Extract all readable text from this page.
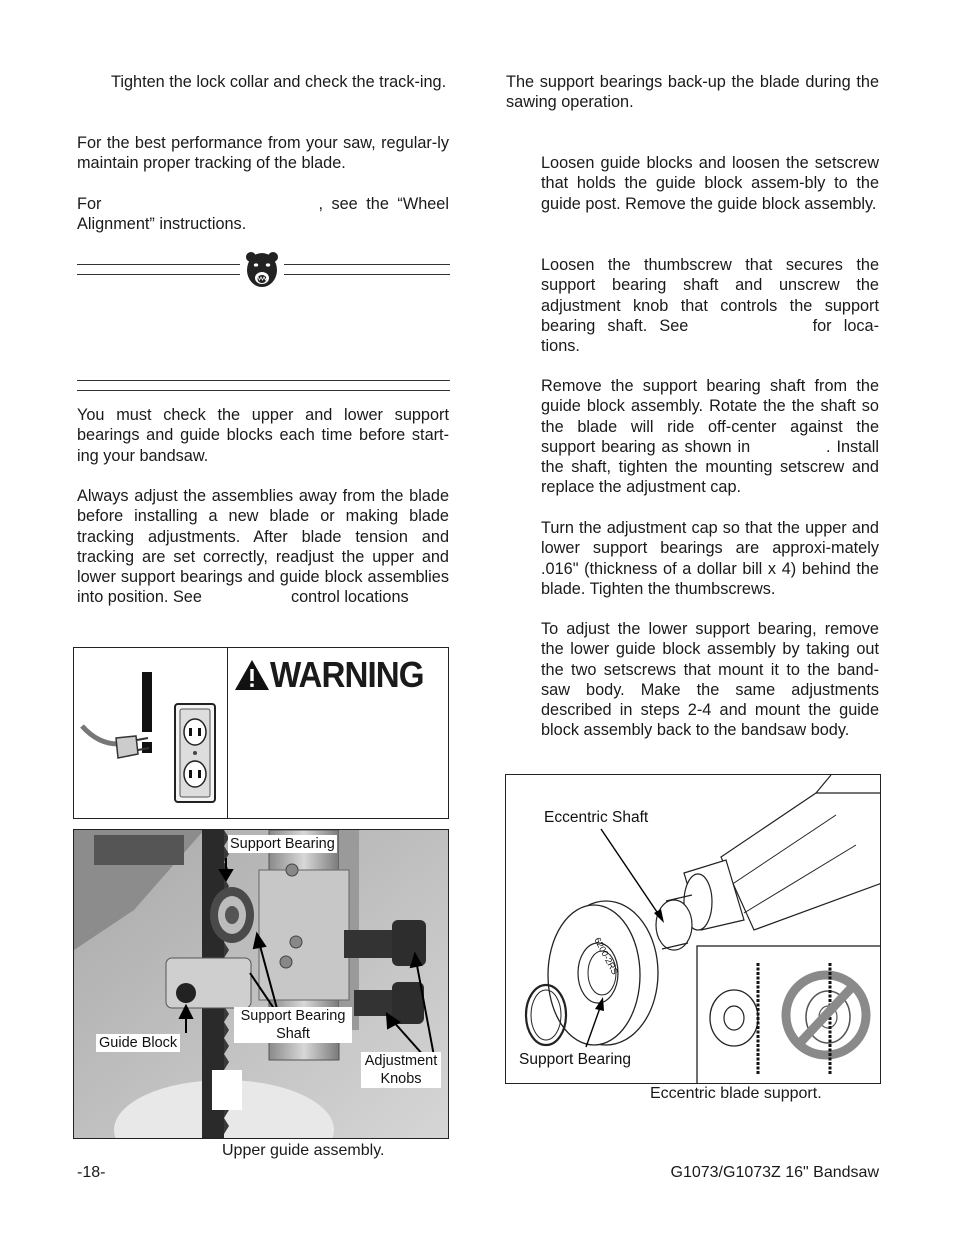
Tighten the lock collar and check the track-ing.

For the best performance from your saw, regular-ly maintain proper tracking of the blade.

For	, see the “Wheel Alignment” instructions.

You must check the upper and lower support bearings and guide blocks each time before start-ing your bandsaw.

Always adjust the assemblies away from the blade before installing a new blade or making blade tracking adjustments. After blade tension and tracking are set correctly, readjust the upper and lower support bearings and guide block assemblies into position. See	control locations

WARNING
Support Bearing
Guide Block
Support Bearing Shaft
Adjustment Knobs
Upper guide assembly.

The support bearings back-up the blade during the sawing operation.

Loosen guide blocks and loosen the setscrew that holds the guide block assem-bly to the guide post. Remove the guide block assembly.

Loosen the thumbscrew that secures the support bearing shaft and unscrew the adjustment knob that controls the support bearing shaft. See	for loca-tions.

Remove the support bearing shaft from the guide block assembly. Rotate the the shaft so the blade will ride off-center against the support bearing as shown in	. Install the shaft, tighten the mounting setscrew and replace the adjustment cap.

Turn the adjustment cap so that the upper and lower support bearings are approxi-mately .016" (thickness of a dollar bill x 4) behind the blade. Tighten the thumbscrews.

To adjust the lower support bearing, remove the lower guide block assembly by taking out the two setscrews that mount it to the band-saw body. Make the same adjustments described in steps 2-4 and mount the guide block assembly back to the bandsaw body.

Eccentric Shaft
Support Bearing
6200-2RS
Eccentric blade support.
-18-	G1073/G1073Z 16" Bandsaw
